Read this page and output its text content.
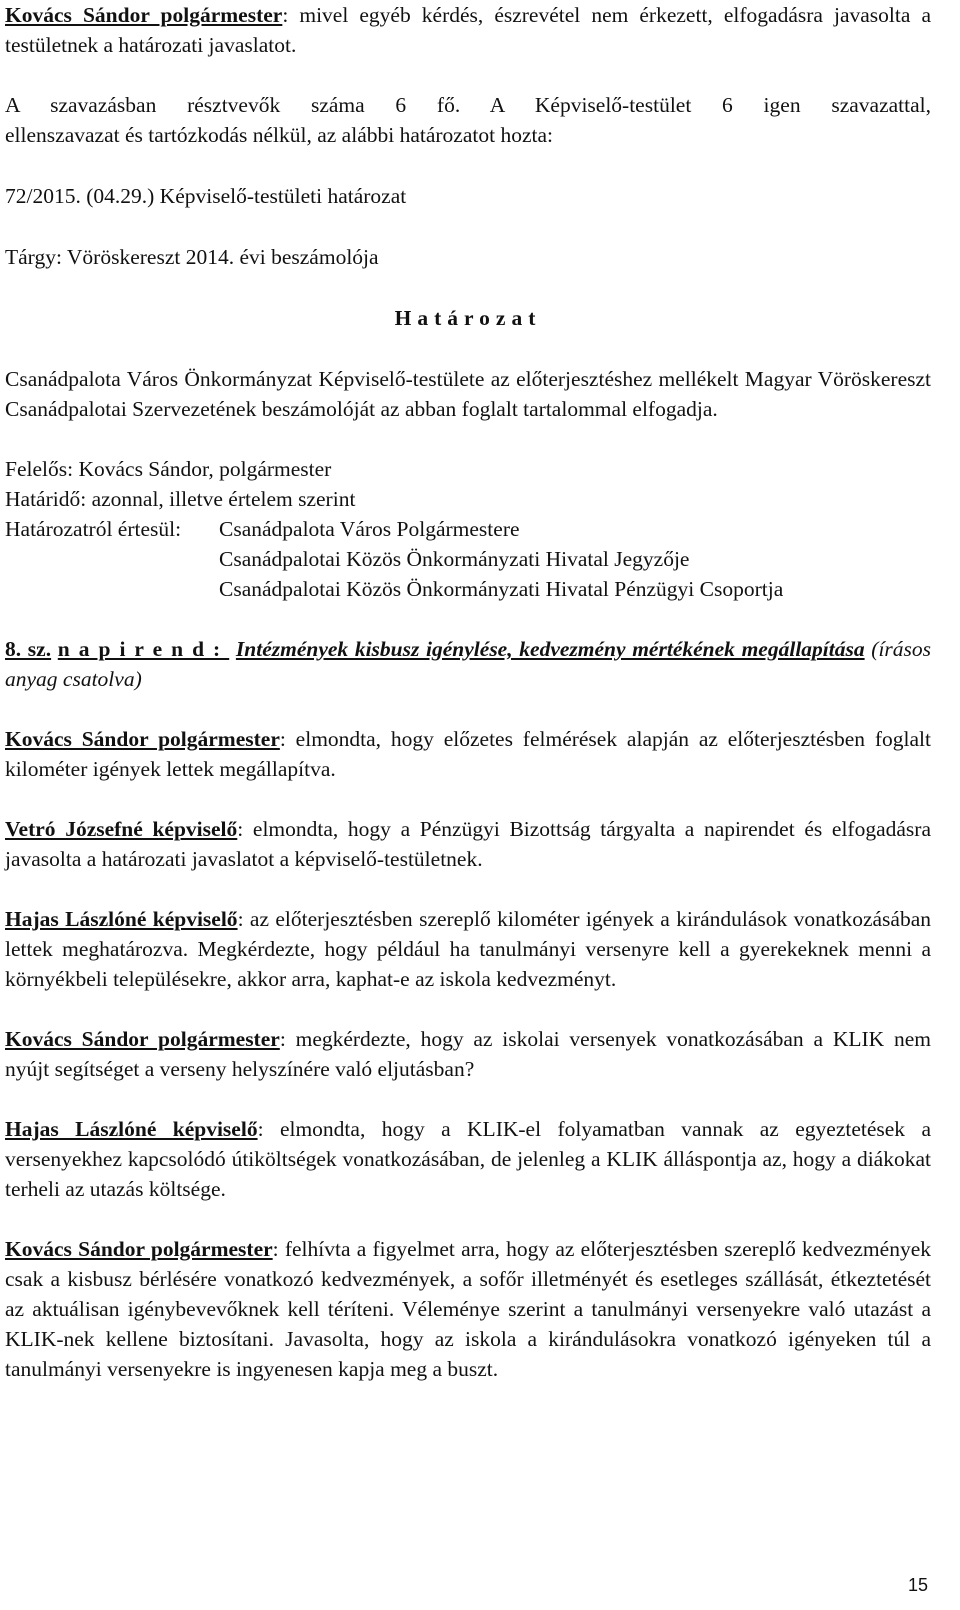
Kovács Sándor polgármester: mivel egyéb kérdés, észrevétel nem érkezett, elfogadásra javasolta a testületnek a határozati javaslatot.

A szavazásban résztvevők száma 6 fő. A Képviselő-testület 6 igen szavazattal,

ellenszavazat és tartózkodás nélkül, az alábbi határozatot hozta:

72/2015. (04.29.) Képviselő-testületi határozat

Tárgy: Vöröskereszt 2014. évi beszámolója

Határozat

Csanádpalota Város Önkormányzat Képviselő-testülete az előterjesztéshez mellékelt Magyar Vöröskereszt Csanádpalotai Szervezetének beszámolóját az abban foglalt tartalommal elfogadja.

Felelős: Kovács Sándor, polgármester

Határidő: azonnal, illetve értelem szerint

Határozatról értesül:	Csanádpalota Város Polgármestere
Csanádpalotai Közös Önkormányzati Hivatal Jegyzője
Csanádpalotai Közös Önkormányzati Hivatal Pénzügyi Csoportja

8. sz. napirend: Intézmények kisbusz igénylése, kedvezmény mértékének megállapítása (írásos anyag csatolva)

Kovács Sándor polgármester: elmondta, hogy előzetes felmérések alapján az előterjesztésben foglalt kilométer igények lettek megállapítva.

Vetró Józsefné képviselő: elmondta, hogy a Pénzügyi Bizottság tárgyalta a napirendet és elfogadásra javasolta a határozati javaslatot a képviselő-testületnek.

Hajas Lászlóné képviselő: az előterjesztésben szereplő kilométer igények a kirándulások vonatkozásában lettek meghatározva. Megkérdezte, hogy például ha tanulmányi versenyre kell a gyerekeknek menni a környékbeli településekre, akkor arra, kaphat-e az iskola kedvezményt.

Kovács Sándor polgármester: megkérdezte, hogy az iskolai versenyek vonatkozásában a KLIK nem nyújt segítséget a verseny helyszínére való eljutásban?

Hajas Lászlóné képviselő: elmondta, hogy a KLIK-el folyamatban vannak az egyeztetések a versenyekhez kapcsolódó útiköltségek vonatkozásában, de jelenleg a KLIK álláspontja az, hogy a diákokat terheli az utazás költsége.

Kovács Sándor polgármester: felhívta a figyelmet arra, hogy az előterjesztésben szereplő kedvezmények csak a kisbusz bérlésére vonatkozó kedvezmények, a sofőr illetményét és esetleges szállását, étkeztetését az aktuálisan igénybevevőknek kell téríteni. Véleménye szerint a tanulmányi versenyekre való utazást a KLIK-nek kellene biztosítani. Javasolta, hogy az iskola a kirándulásokra vonatkozó igényeken túl a tanulmányi versenyekre is ingyenesen kapja meg a buszt.

15
